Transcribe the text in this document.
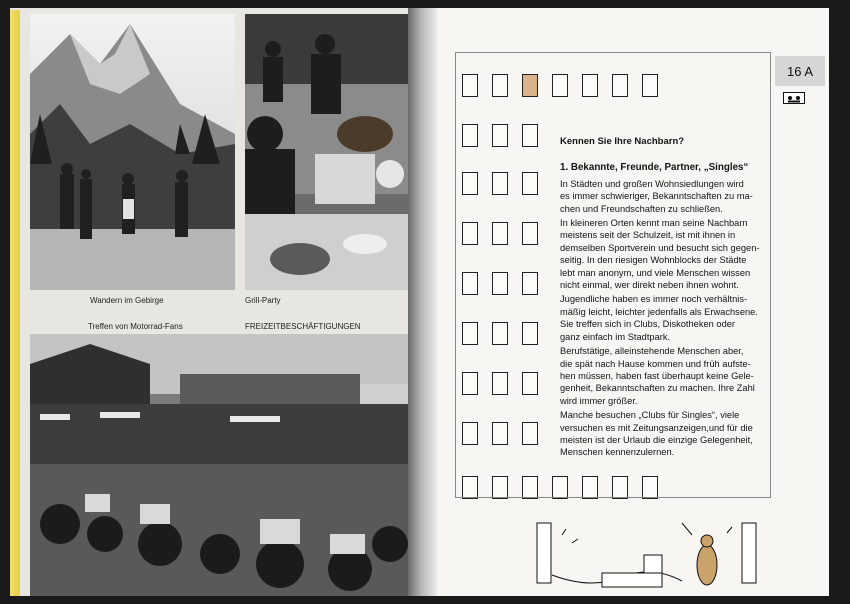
Wandern im Gebirge	Grill-Party
Treffen von Motorrad-Fans	FREIZEITBESCHÄFTIGUNGEN
16 A
Kennen Sie Ihre Nachbarn?
1. Bekannte, Freunde, Partner, „Singles“
In Städten und großen Wohnsiedlungen wird
es immer schwieriger, Bekanntschaften zu ma-
chen und Freundschaften zu schließen.
In kleineren Orten kennt man seine Nachbarn
meistens seit der Schulzeit, ist mit ihnen in
demselben Sportverein und besucht sich gegen-
seitig. In den riesigen Wohnblocks der Städte
lebt man anonym, und viele Menschen wissen
nicht einmal, wer direkt neben ihnen wohnt.
Jugendliche haben es immer noch verhältnis-
mäßig leicht, leichter jedenfalls als Erwachsene.
Sie treffen sich in Clubs, Diskotheken oder
ganz einfach im Stadtpark.
Berufstätige, alleinstehende Menschen aber,
die spät nach Hause kommen und früh aufste-
hen müssen, haben fast überhaupt keine Gele-
genheit, Bekanntschaften zu machen. Ihre Zahl
wird immer größer.
Manche besuchen „Clubs für Singles“, viele
versuchen es mit Zeitungsanzeigen,und für die
meisten ist der Urlaub die einzige Gelegenheit,
Menschen kennenzulernen.
